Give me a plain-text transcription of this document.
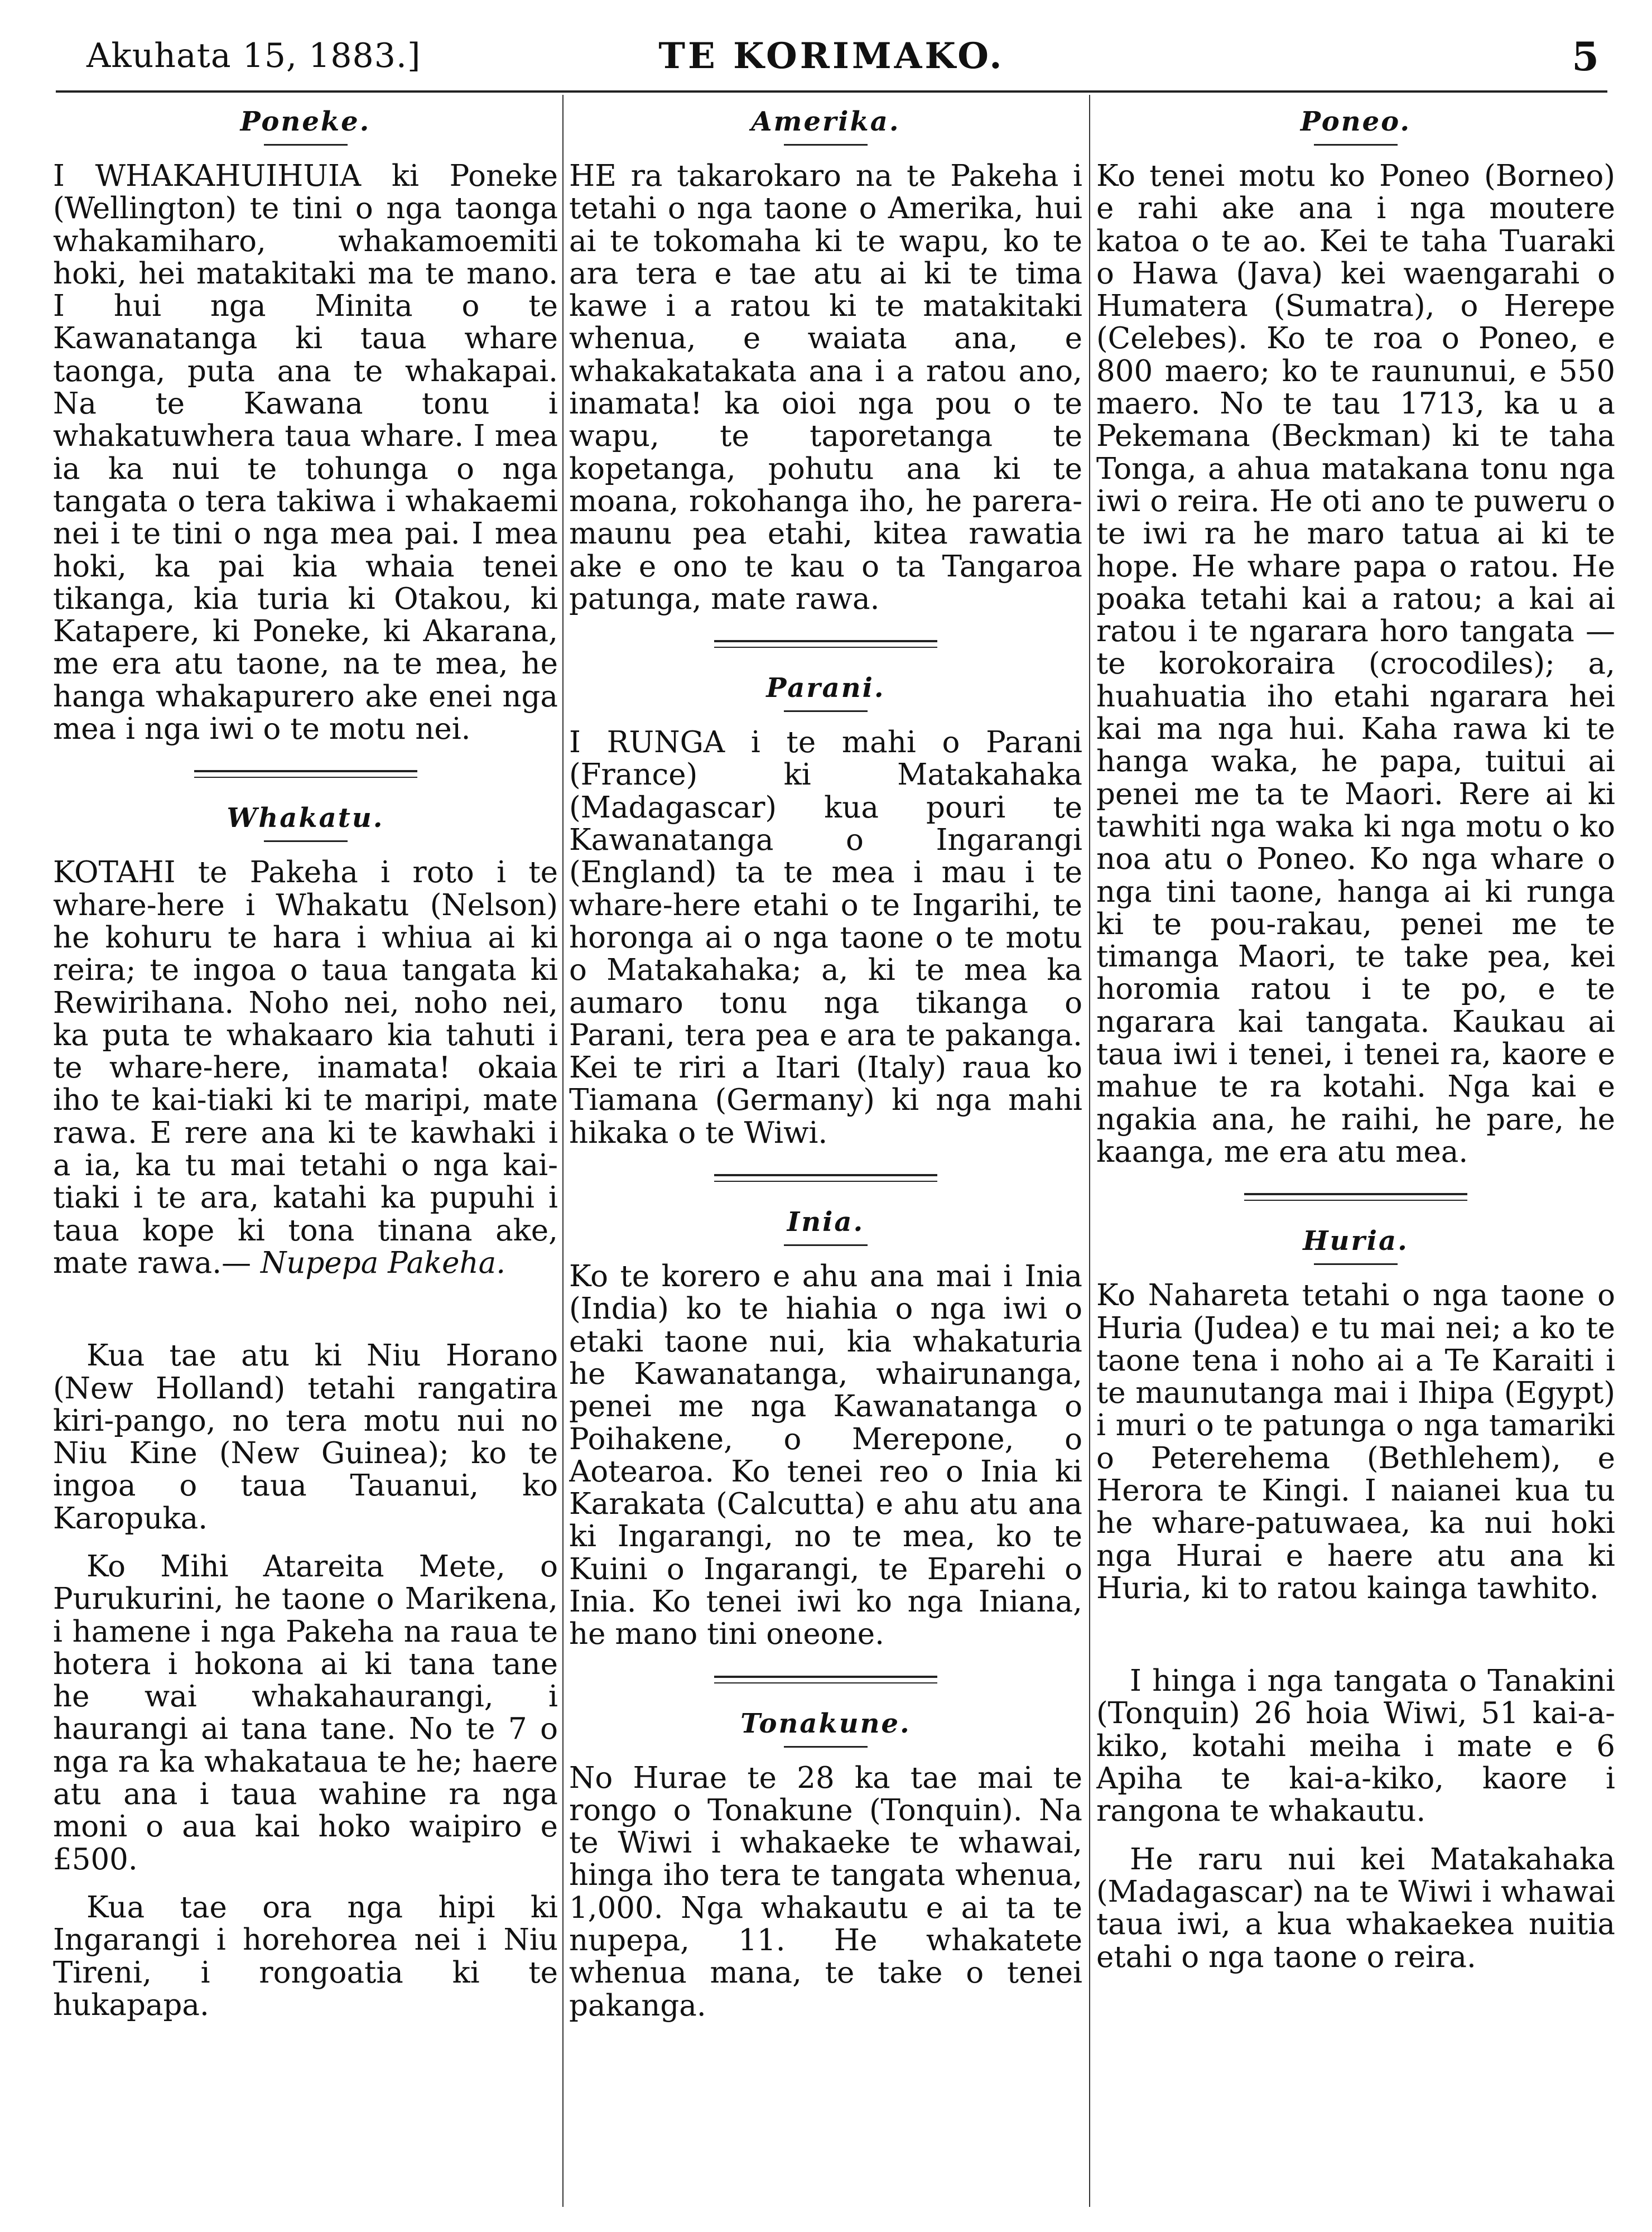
Akuhata 15, 1883.]	TE KORIMAKO.	5
Poneke.

I WHAKAHUIHUIA ki Poneke (Wellington) te tini o nga taonga whakamiharo, whakamoemiti hoki, hei matakitaki ma te mano. I hui nga Minita o te Kawanatanga ki taua whare taonga, puta ana te whakapai. Na te Kawana tonu i whakatuwhera taua whare. I mea ia ka nui te tohunga o nga tangata o tera takiwa i whakaemi nei i te tini o nga mea pai. I mea hoki, ka pai kia whaia tenei tikanga, kia turia ki Otakou, ki Katapere, ki Poneke, ki Akarana, me era atu taone, na te mea, he hanga whakapurero ake enei nga mea i nga iwi o te motu nei.

Whakatu.

KOTAHI te Pakeha i roto i te whare-here i Whakatu (Nelson) he kohuru te hara i whiua ai ki reira; te ingoa o taua tangata ki Rewirihana. Noho nei, noho nei, ka puta te whakaaro kia tahuti i te whare-here, inamata! okaia iho te kai-tiaki ki te maripi, mate rawa. E rere ana ki te kawhaki i a ia, ka tu mai tetahi o nga kai-tiaki i te ara, katahi ka pupuhi i taua kope ki tona tinana ake, mate rawa.— Nupepa Pakeha.

Kua tae atu ki Niu Horano (New Holland) tetahi rangatira kiri-pango, no tera motu nui no Niu Kine (New Guinea); ko te ingoa o taua Tauanui, ko Karopuka.

Ko Mihi Atareita Mete, o Purukurini, he taone o Marikena, i hamene i nga Pakeha na raua te hotera i hokona ai ki tana tane he wai whakahaurangi, i haurangi ai tana tane. No te 7 o nga ra ka whakataua te he; haere atu ana i taua wahine ra nga moni o aua kai hoko waipiro e £500.

Kua tae ora nga hipi ki Ingarangi i horehorea nei i Niu Tireni, i rongoatia ki te hukapapa.

Amerika.

HE ra takarokaro na te Pakeha i tetahi o nga taone o Amerika, hui ai te tokomaha ki te wapu, ko te ara tera e tae atu ai ki te tima kawe i a ratou ki te matakitaki whenua, e waiata ana, e whakakatakata ana i a ratou ano, inamata! ka oioi nga pou o te wapu, te taporetanga te kopetanga, pohutu ana ki te moana, rokohanga iho, he parera-maunu pea etahi, kitea rawatia ake e ono te kau o ta Tangaroa patunga, mate rawa.

Parani.

I RUNGA i te mahi o Parani (France) ki Matakahaka (Madagascar) kua pouri te Kawanatanga o Ingarangi (England) ta te mea i mau i te whare-here etahi o te Ingarihi, te horonga ai o nga taone o te motu o Matakahaka; a, ki te mea ka aumaro tonu nga tikanga o Parani, tera pea e ara te pakanga. Kei te riri a Itari (Italy) raua ko Tiamana (Germany) ki nga mahi hikaka o te Wiwi.

Inia.

Ko te korero e ahu ana mai i Inia (India) ko te hiahia o nga iwi o etaki taone nui, kia whakaturia he Kawanatanga, whairunanga, penei me nga Kawanatanga o Poihakene, o Merepone, o Aotearoa. Ko tenei reo o Inia ki Karakata (Calcutta) e ahu atu ana ki Ingarangi, no te mea, ko te Kuini o Ingarangi, te Eparehi o Inia. Ko tenei iwi ko nga Iniana, he mano tini oneone.

Tonakune.

No Hurae te 28 ka tae mai te rongo o Tonakune (Tonquin). Na te Wiwi i whakaeke te whawai, hinga iho tera te tangata whenua, 1,000. Nga whakautu e ai ta te nupepa, 11. He whakatete whenua mana, te take o tenei pakanga.

Poneo.

Ko tenei motu ko Poneo (Borneo) e rahi ake ana i nga moutere katoa o te ao. Kei te taha Tuaraki o Hawa (Java) kei waengarahi o Humatera (Sumatra), o Herepe (Celebes). Ko te roa o Poneo, e 800 maero; ko te raununui, e 550 maero. No te tau 1713, ka u a Pekemana (Beckman) ki te taha Tonga, a ahua matakana tonu nga iwi o reira. He oti ano te puweru o te iwi ra he maro tatua ai ki te hope. He whare papa o ratou. He poaka tetahi kai a ratou; a kai ai ratou i te ngarara horo tangata —te korokoraira (crocodiles); a, huahuatia iho etahi ngarara hei kai ma nga hui. Kaha rawa ki te hanga waka, he papa, tuitui ai penei me ta te Maori. Rere ai ki tawhiti nga waka ki nga motu o ko noa atu o Poneo. Ko nga whare o nga tini taone, hanga ai ki runga ki te pou-rakau, penei me te timanga Maori, te take pea, kei horomia ratou i te po, e te ngarara kai tangata. Kaukau ai taua iwi i tenei, i tenei ra, kaore e mahue te ra kotahi. Nga kai e ngakia ana, he raihi, he pare, he kaanga, me era atu mea.

Huria.

Ko Nahareta tetahi o nga taone o Huria (Judea) e tu mai nei; a ko te taone tena i noho ai a Te Karaiti i te maunutanga mai i Ihipa (Egypt) i muri o te patunga o nga tamariki o Peterehema (Bethlehem), e Herora te Kingi. I naianei kua tu he whare-patuwaea, ka nui hoki nga Hurai e haere atu ana ki Huria, ki to ratou kainga tawhito.

I hinga i nga tangata o Tanakini (Tonquin) 26 hoia Wiwi, 51 kai-a-kiko, kotahi meiha i mate e 6 Apiha te kai-a-kiko, kaore i rangona te whakautu.

He raru nui kei Matakahaka (Madagascar) na te Wiwi i whawai taua iwi, a kua whakaekea nuitia etahi o nga taone o reira.
